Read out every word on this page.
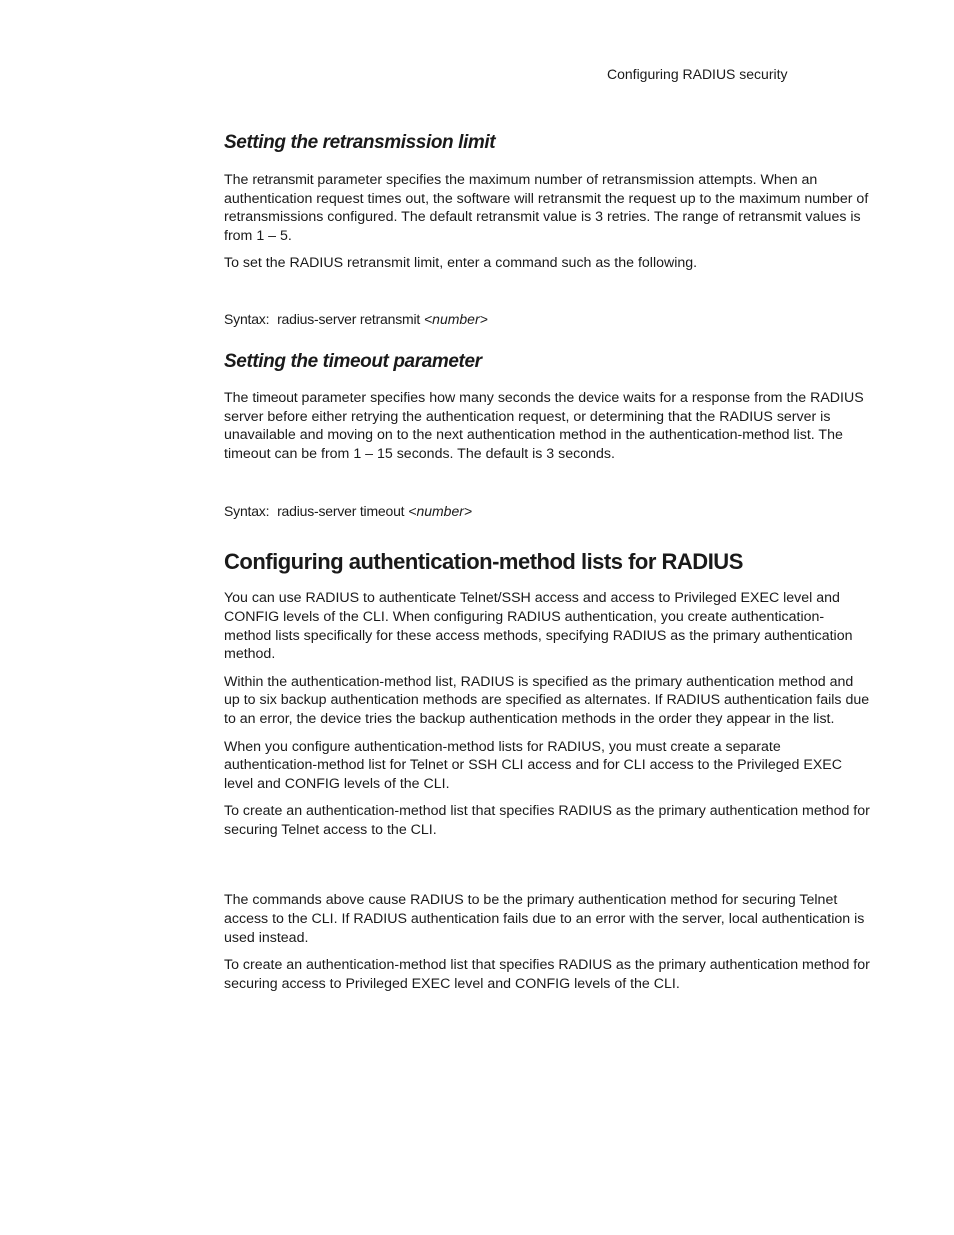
Configuring RADIUS security
Setting the retransmission limit

The retransmit parameter specifies the maximum number of retransmission attempts. When an authentication request times out, the software will retransmit the request up to the maximum number of retransmissions configured. The default retransmit value is 3 retries. The range of retransmit values is from 1 – 5.

To set the RADIUS retransmit limit, enter a command such as the following.

Syntax: radius-server retransmit <number>

Setting the timeout parameter

The timeout parameter specifies how many seconds the device waits for a response from the RADIUS server before either retrying the authentication request, or determining that the RADIUS server is unavailable and moving on to the next authentication method in the authentication-method list. The timeout can be from 1 – 15 seconds. The default is 3 seconds.

Syntax: radius-server timeout <number>

Configuring authentication-method lists for RADIUS

You can use RADIUS to authenticate Telnet/SSH access and access to Privileged EXEC level and CONFIG levels of the CLI. When configuring RADIUS authentication, you create authentication-method lists specifically for these access methods, specifying RADIUS as the primary authentication method.

Within the authentication-method list, RADIUS is specified as the primary authentication method and up to six backup authentication methods are specified as alternates. If RADIUS authentication fails due to an error, the device tries the backup authentication methods in the order they appear in the list.

When you configure authentication-method lists for RADIUS, you must create a separate authentication-method list for Telnet or SSH CLI access and for CLI access to the Privileged EXEC level and CONFIG levels of the CLI.

To create an authentication-method list that specifies RADIUS as the primary authentication method for securing Telnet access to the CLI.

The commands above cause RADIUS to be the primary authentication method for securing Telnet access to the CLI. If RADIUS authentication fails due to an error with the server, local authentication is used instead.

To create an authentication-method list that specifies RADIUS as the primary authentication method for securing access to Privileged EXEC level and CONFIG levels of the CLI.
